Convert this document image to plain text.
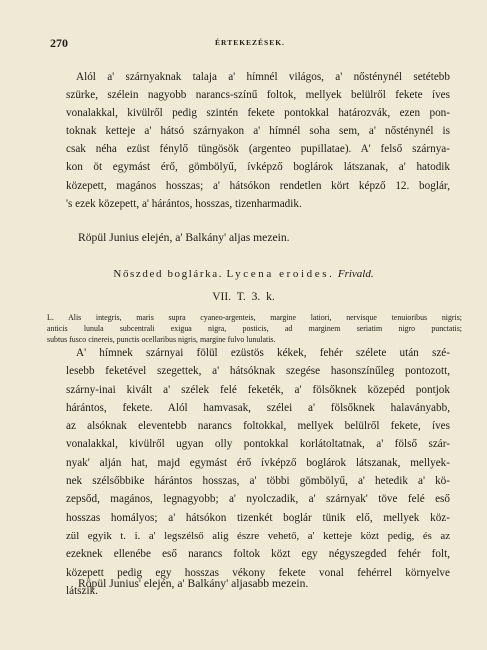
270	ÉRTEKEZÉSEK.
Alól a' szárnyaknak talaja a' hímnél világos, a' nősténynél setétebb
szürke, szélein nagyobb narancs-színű foltok, mellyek belülről fekete íves
vonalakkal, kivülről pedig szintén fekete pontokkal határozvák, ezen pon-
toknak ketteje a' hátsó szárnyakon a' hímnél soha sem, a' nősténynél is
csak néha ezüst fénylő tüngösök (argenteo pupillatae). A' felső szárnya-
kon öt egymást érő, gömbölyű, ívképző boglárok látszanak, a' hatodik
közepett, magános hosszas; a' hátsókon rendetlen kört képző 12. boglár,
's ezek közepett, a' hárántos, hosszas, tizenharmadik.
Röpül Junius elején, a' Balkány' aljas mezein.
Nőszded boglárka. Lycena eroides. Frivald.
VII. T. 3. k.
L. Alis integris, maris supra cyaneo-argenteis, margine latiori, nervisque tenuioribus nigris;
anticis lunula subcentrali exigua nigra, posticis, ad marginem seriatim nigro punctatis;
subtus fusco cinereis, punctis ocellaribus nigris, margine fulvo lunulatis.
A' hímnek szárnyai fölül ezüstös kékek, fehér szélete után szé-
lesebb feketével szegettek, a' hátsóknak szegése hasonszínűleg pontozott,
szárny-inai kivált a' szélek felé feketék, a' fölsőknek közepéd pontjok
hárántos, fekete. Alól hamvasak, szélei a' fölsőknek halaványabb,
az alsóknak eleventebb narancs foltokkal, mellyek belülről fekete, íves
vonalakkal, kivülről ugyan olly pontokkal korlátoltatnak, a' fölső szár-
nyak' alján hat, majd egymást érő ívképző boglárok látszanak, mellyek-
nek szélsőbbike hárántos hosszas, a' többi gömbölyű, a' hetedik a' kö-
zepsőd, magános, legnagyobb; a' nyolczadik, a' szárnyak' töve felé eső
hosszas homályos; a' hátsókon tizenkét boglár tünik elő, mellyek köz-
zül egyik t. i. a' legszélső alig észre vehető, a' ketteje közt pedig, és az
ezeknek ellenébe eső narancs foltok közt egy négyszegded fehér folt,
közepett pedig egy hosszas vékony fekete vonal fehérrel környelve
látszik.
Röpül Junius' elején, a' Balkány' aljasabb mezein.
